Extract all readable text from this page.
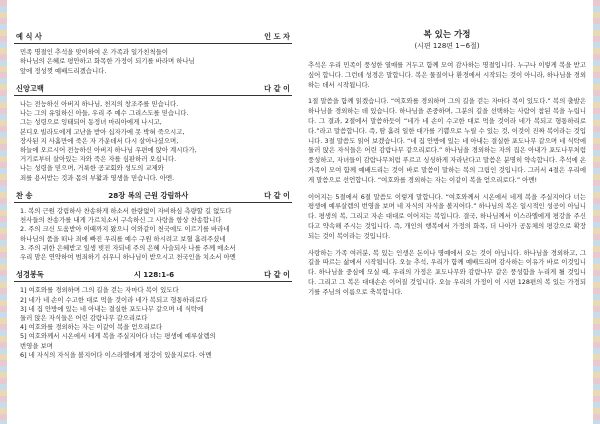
예 식 사	인 도 자

민족 명절인 추석을 맞이하여 온 가족과 일가친척들이

하나님의 은혜로 평안하고 화목한 가정이 되기를 바라며 하나님

앞에 정성껏 예배드리겠습니다.

신앙고백	다 같 이

나는 전능하신 아버지 하나님, 천지의 창조주를 믿습니다.

나는 그의 유일하신 아들, 우리 주 예수 그리스도를 믿습니다.

그는 성령으로 잉태되어 동정녀 마리아에게 나시고,

본디오 빌라도에게 고난을 받아 십자가에 못 박혀 죽으시고,

장사된 지 사흘만에 죽은 자 가운데서 다시 살아나셨으며,

하늘에 오르시어 전능하신 아버지 하나님 우편에 앉아 계시다가,

거기로부터 살아있는 자와 죽은 자를 심판하러 오십니다.

나는 성령을 믿으며, 거룩한 공교회와 성도의 교제와

죄를 용서받는 것과 몸의 부활과 영생을 믿습니다. 아멘.

찬 송	28장 복의 근원 강림하사	다 같 이

1. 복의 근원 강림하사 찬송하게 하소서 한량없이 자비하심 측량할 길 없도다

천사들의 찬송가를 내게 가르치소서 구속하신 그 사랑을 항상 찬송합니다

2. 주의 크신 도움받아 이때까지 왔으니 이와같이 천국에도 이르기를 바라네

하나님의 품을 떠나 죄에 빠진 우리를 예수 구원 하시려고 보혈 흘려주셨네

3. 주의 귀한 은혜받고 일생 빚진 자되네 주의 은혜 사슬되사 나를 주께 매소서

우리 맘은 연약하여 범죄하기 쉬우니 하나님이 받으시고 천국인을 치소서 아멘

성경봉독	시 128:1-6	다 같 이

1] 여호와를 경외하며 그의 길을 걷는 자마다 복이 있도다

2] 네가 네 손이 수고한 대로 먹을 것이라 네가 복되고 형통하리로다

3] 네 집 안방에 있는 네 아내는 결실한 포도나무 같으며 네 식탁에

둘러 앉은 자식들은 어린 감람나무 같으리로다

4] 여호와를 경외하는 자는 이같이 복을 얻으리로다

5] 여호와께서 시온에서 네게 복을 주실지어다 너는 평생에 예루살렘의

번영을 보며

6] 네 자식의 자식을 볼지어다 이스라엘에게 평강이 있을지로다. 아멘

복 있는 가정
(시편 128편 1~6절)

추석은 우리 민족이 풍성한 열매를 거두고 함께 모여 감사하는 명절입니다. 누구나 이렇게 복을 받고 싶어 합니다. 그런데 성경은 말합니다. 복은 물질이나 환경에서 시작되는 것이 아니라, 하나님을 경외하는 데서 시작됩니다.

1절 말씀을 함께 읽겠습니다. “여호와를 경외하며 그의 길을 걷는 자마다 복이 있도다.” 복의 출발은 하나님을 경외하는 데 있습니다. 하나님을 존중하며, 그분의 길을 선택하는 사람이 참된 복을 누립니다. 그 결과, 2절에서 말씀하듯이 “네가 네 손이 수고한 대로 먹을 것이라 네가 복되고 형통하리로다.”라고 말씀합니다. 즉, 땀 흘려 일한 대가를 기쁨으로 누릴 수 있는 것, 이것이 진짜 복이라는 것입니다. 3절 말씀도 읽어 보겠습니다. “네 집 안방에 있는 네 아내는 결실한 포도나무 같으며 네 식탁에 둘러 앉은 자식들은 어린 감람나무 같으리로다.” 하나님을 경외하는 자의 집은 아내가 포도나무처럼 풍성하고, 자녀들이 감람나무처럼 푸르고 싱싱하게 자라난다고 말씀은 분명히 약속합니다. 추석에 온 가족이 모여 함께 예배드리는 것이 바로 말씀이 말하는 복의 그림인 것입니다. 그러서 4절은 우리에게 말씀으로 선언합니다. “여호와를 경외하는 자는 이같이 복을 얻으리로다.” 아멘!

이어지는 5절에서 6절 말씀도 이렇게 말합니다. “여호와께서 시온에서 네게 복을 주실지어다 너는 평생에 예루살렘의 번영을 보며 네 자식의 자식을 볼지어다.” 하나님의 복은 일시적인 성공이 아닙니다. 평생의 복, 그리고 자손 대대로 이어지는 복입니다. 결국, 하나님께서 이스라엘에게 평강을 주신다고 약속해 주시는 것입니다. 즉, 개인의 행복에서 가정의 화목, 더 나아가 공동체의 평강으로 확장되는 것이 복이라는 것입니다.

사랑하는 가족 여러분, 복 있는 인생은 돈이나 명예에서 오는 것이 아닙니다. 하나님을 경외하고, 그 길을 따르는 삶에서 시작됩니다. 오늘 추석, 우리가 함께 예배드리며 감사하는 이유가 바로 이것입니다. 하나님을 중심에 모실 때, 우리의 가정은 포도나무와 감람나무 같은 풍성함을 누리게 될 것입니다. 그리고 그 복은 대대손손 이어질 것입니다. 오늘 우리의 가정이 이 시편 128편의 복 있는 가정되기를 주님의 이름으로 축복합니다.
